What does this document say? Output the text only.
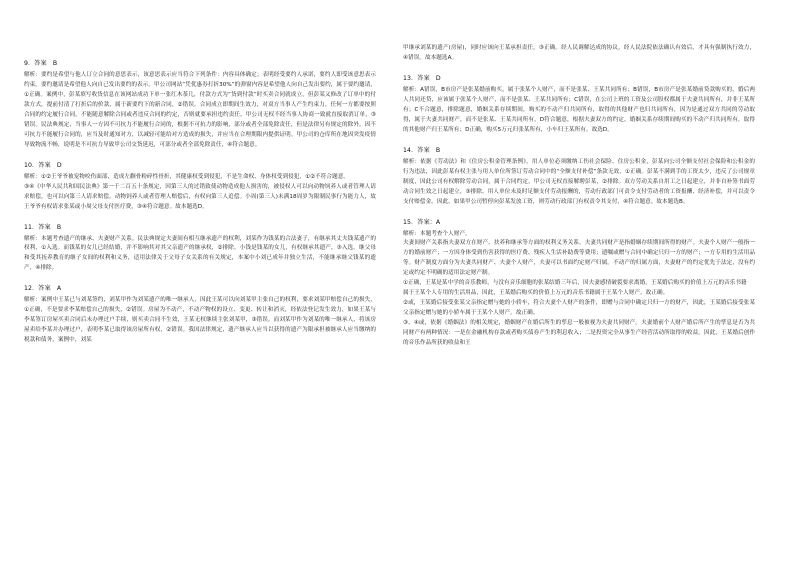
9．答案　B

解析：要约是希望与他人订立合同的意思表示，该意思表示应当符合下列条件：内容具体确定；表明经受要约人承诺，要约人即受该意思表示约束。要约邀请是希望他人向自己发出要约的表示。甲公司网站“凭优惠券打折30%”的弹窗内容是希望他人向自己发出要约，属于要约邀请，①正确。案例中，彭某填写收货信息在该网站成功下单一张红木茶几，付款方式为“货到付款”时买卖合同就成立，但彭某又修改了订单中的付款方式，提前付清了打折后的价款，属于新要约下的新合同，②错误。合同成立即期间生效力，对双方当事人产生约束力。任何一方都要按照合同的约定履行合同，不能随意解除合同或者违反合同的约定，否则就要承担违约责任。甲公司无权不经当事人协商一致就直接取消订单，③错误。民法典规定，当事人一方因不可抗力不能履行合同的，根据不可抗力的影响，部分或者全部免除责任，但是法律另有规定的除外。因不可抗力不能履行合同的，应当及时通知对方，以减轻可能给对方造成的损失，并应当在合理期限内提供证明。甲公司的仓库所在地因突发疫情导致物流不畅，说明是不可抗力导致甲公司交货延迟，可部分或者全部免除责任，④符合题意。

10．答案　D

解析：①②王爷爷被宠物咬伤面部，造成左颧骨粉碎性骨折，其健康权受到侵犯，不是生命权、身体权受到侵犯，①②不符合题意。

③④《中华人民共和国民法典》第一千二百五十条规定，因第三人的过错致使动物造成他人损害的，被侵权人可以向动物饲养人或者管理人请求赔偿，也可以向第三人请求赔偿。动物饲养人或者管理人赔偿后，有权向第三人追偿。小周(第三人)未满18周岁为限制民事行为能力人，故王爷爷有权请求张某或小周父母支付医疗费，③④符合题意。故本题选D。

11．答案　B

解析：本题考查遗产的继承、夫妻财产关系。民法典规定夫妻间有相互继承遗产的权利，刘某作为钱某的合法妻子，有继承其丈夫钱某遗产的权利，①入选。而钱某的女儿已经结婚，并不影响其对其父亲遗产的继承权，②排除。小钱是钱某的女儿，有权继承其遗产，③入选。继父母和受其抚养教育的继子女间的权利和义务，适用法律关于父母子女关系的有关规定，本案中小刘已成年并独立生活，不能继承继父钱某的遗产，④排除。

12．答案　A

解析：案例中王某已与刘某签约，刘某甲作为刘某遗产的唯一继承人，因此王某可以向刘某甲主张自己的权利，要求刘某甲赔偿自己的损失，①正确，不是要求李某赔偿自己的损失，②错误。房屋为不动产，不动产物权的设立、变更、转让和消灭，经依法登记发生效力，如果王某与李某签订房屋买卖合同后未办理过户手续，则买卖合同不生效，王某无权继续主张刘某甲，③错误。而刘某甲作为刘某的唯一继承人，将该房屋卖给李某并办理过户，表明李某已取得该房屋所有权，②错误。我国法律规定，遗产继承人应当以获得的遗产为限承担被继承人应当缴纳的税款和债务，案例中，刘某

甲继承刘某的遗产(房屋)，同时应该向王某承担责任，③正确。经人民调解达成的协议，经人民法院依法确认有效后，才具有强制执行效力，④错误。故本题选A。

13．答案　D

解析：A错误，B市房产是张某婚前购买，属于张某个人财产，而不是张某、王某共同所有；B错误，B市房产是张某婚前贷款购买的，婚后两人共同还贷，应该属于张某个人财产，而不是张某、王某共同所有；C错误，在公司上班的工资及公司股权都属于夫妻共同所有，并非王某所有；C不合题意，排除题意，婚姻关系存续期间，购买的不动产归共同所有，取得的其他财产也归共同所有，因为是通过双方共同的劳动取得，属于夫妻共同财产，而不是张某、王某共同所有，D符合题意，根据夫妻双方的约定，婚姻关系存续期间购买的不动产归共同所有，取得的其他财产归王某所有；D正确，购买5万元归张某所有，小车归王某所有。故选D。

14．答案　B

解析：依据《劳动法》和《住房公积金管理条例》，用人单位必须缴纳工伤社会保险、住房公积金，彭某向公司全额支付社会保险和公积金的行为违法，因此彭某有权主张与用人单位所签订劳动合同中的“全额支付补偿”条款无效，①正确。彭某不满到手的工资太少，违反了公司规章制度，因此公司有权解除劳动合同，属于合同约定，甲公司无权直接解聘彭某，②排除。双方劳动关系自用工之日起建立，并非自补签书面劳动合同生效之日起建立，③排除。用人单位未及时足额支付劳动报酬的，劳动行政部门可责令支付劳动者的工资报酬、经济补偿，并可以责令支付赔偿金。因此，如果甲公司暂停向彭某发放工资，则劳动行政部门有权责令其支付，④符合题意。故本题选B。

15．答案：A

解析：本题考查个人财产。

夫妻间财产关系指夫妻双方在财产、扶养和继承等方面的权利义务关系。夫妻共同财产是指婚姻存续期间所得的财产。夫妻个人财产一般指一方的婚前财产；一方因身体受到伤害获得的医疗费、残疾人生活补助费等费用；遗嘱或赠与合同中确定只归一方的财产；一方专用的生活用品等。财产制度方面分为夫妻共同财产、夫妻个人财产，夫妻可以书面约定财产归属。不动产的归属方面，夫妻财产的约定优先于法定，没有约定或约定不明确的适用法定财产制。

①正确，王某是某中学的音乐教师，与没有音乐细胞的张某结婚三年后，因夫妻感情破裂要求离婚。王某婚后购买的价值上万元的音乐书籍

属于王某个人专用的生活用品，因此，王某婚后购买的价值上万元的音乐书籍属于王某个人财产。故正确。

②或，王某婚后接受张某父亲指定赠与她的小轿车，符合夫妻个人财产的条件，即赠与合同中确定只归一方的财产，因此，王某婚后接受张某父亲指定赠与她的小轿车属于王某个人财产。故正确。

③、④或，依据《婚姻法》的相关规定，婚姻财产在婚后所生的孳息一般被视为夫妻共同财产。夫妻婚前个人财产婚后所产生的孳息是否为共同财产有两种情况：一是在金融机构存款或者购买债券产生的利息收入；二是投资完全从事生产经营活动所取得的收益。因此，王某婚后创作的音乐作品所获的收益和王
